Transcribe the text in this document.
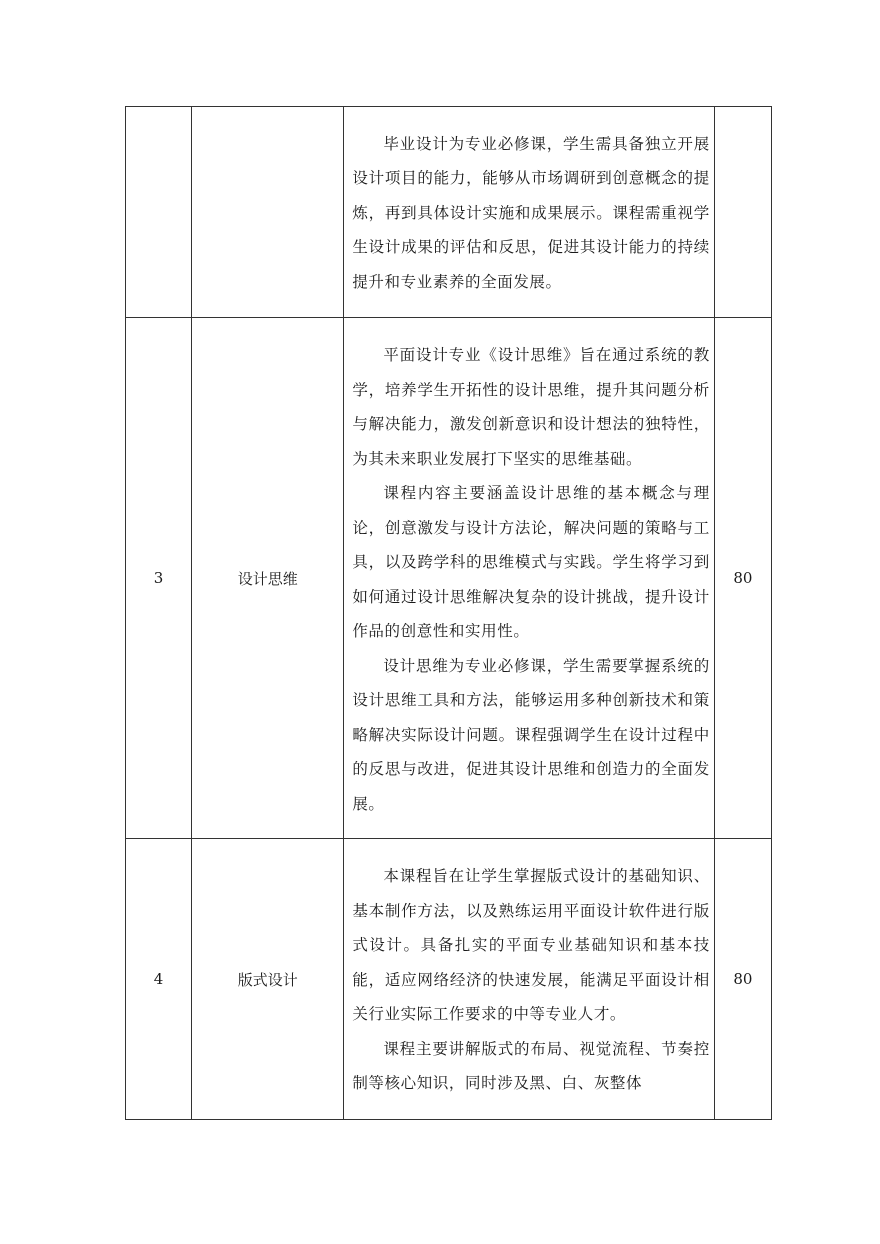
		毕业设计为专业必修课，学生需具备独立开展设计项目的能力，能够从市场调研到创意概念的提炼，再到具体设计实施和成果展示。课程需重视学生设计成果的评估和反思，促进其设计能力的持续提升和专业素养的全面发展。	

3	设计思维	平面设计专业《设计思维》旨在通过系统的教学，培养学生开拓性的设计思维，提升其问题分析与解决能力，激发创新意识和设计想法的独特性，为其未来职业发展打下坚实的思维基础。

课程内容主要涵盖设计思维的基本概念与理论，创意激发与设计方法论，解决问题的策略与工具，以及跨学科的思维模式与实践。学生将学习到如何通过设计思维解决复杂的设计挑战，提升设计作品的创意性和实用性。

设计思维为专业必修课，学生需要掌握系统的设计思维工具和方法，能够运用多种创新技术和策略解决实际设计问题。课程强调学生在设计过程中的反思与改进，促进其设计思维和创造力的全面发展。	80
4	版式设计	本课程旨在让学生掌握版式设计的基础知识、基本制作方法，以及熟练运用平面设计软件进行版式设计。具备扎实的平面专业基础知识和基本技能，适应网络经济的快速发展，能满足平面设计相关行业实际工作要求的中等专业人才。

课程主要讲解版式的布局、视觉流程、节奏控制等核心知识，同时涉及黑、白、灰整体	80
